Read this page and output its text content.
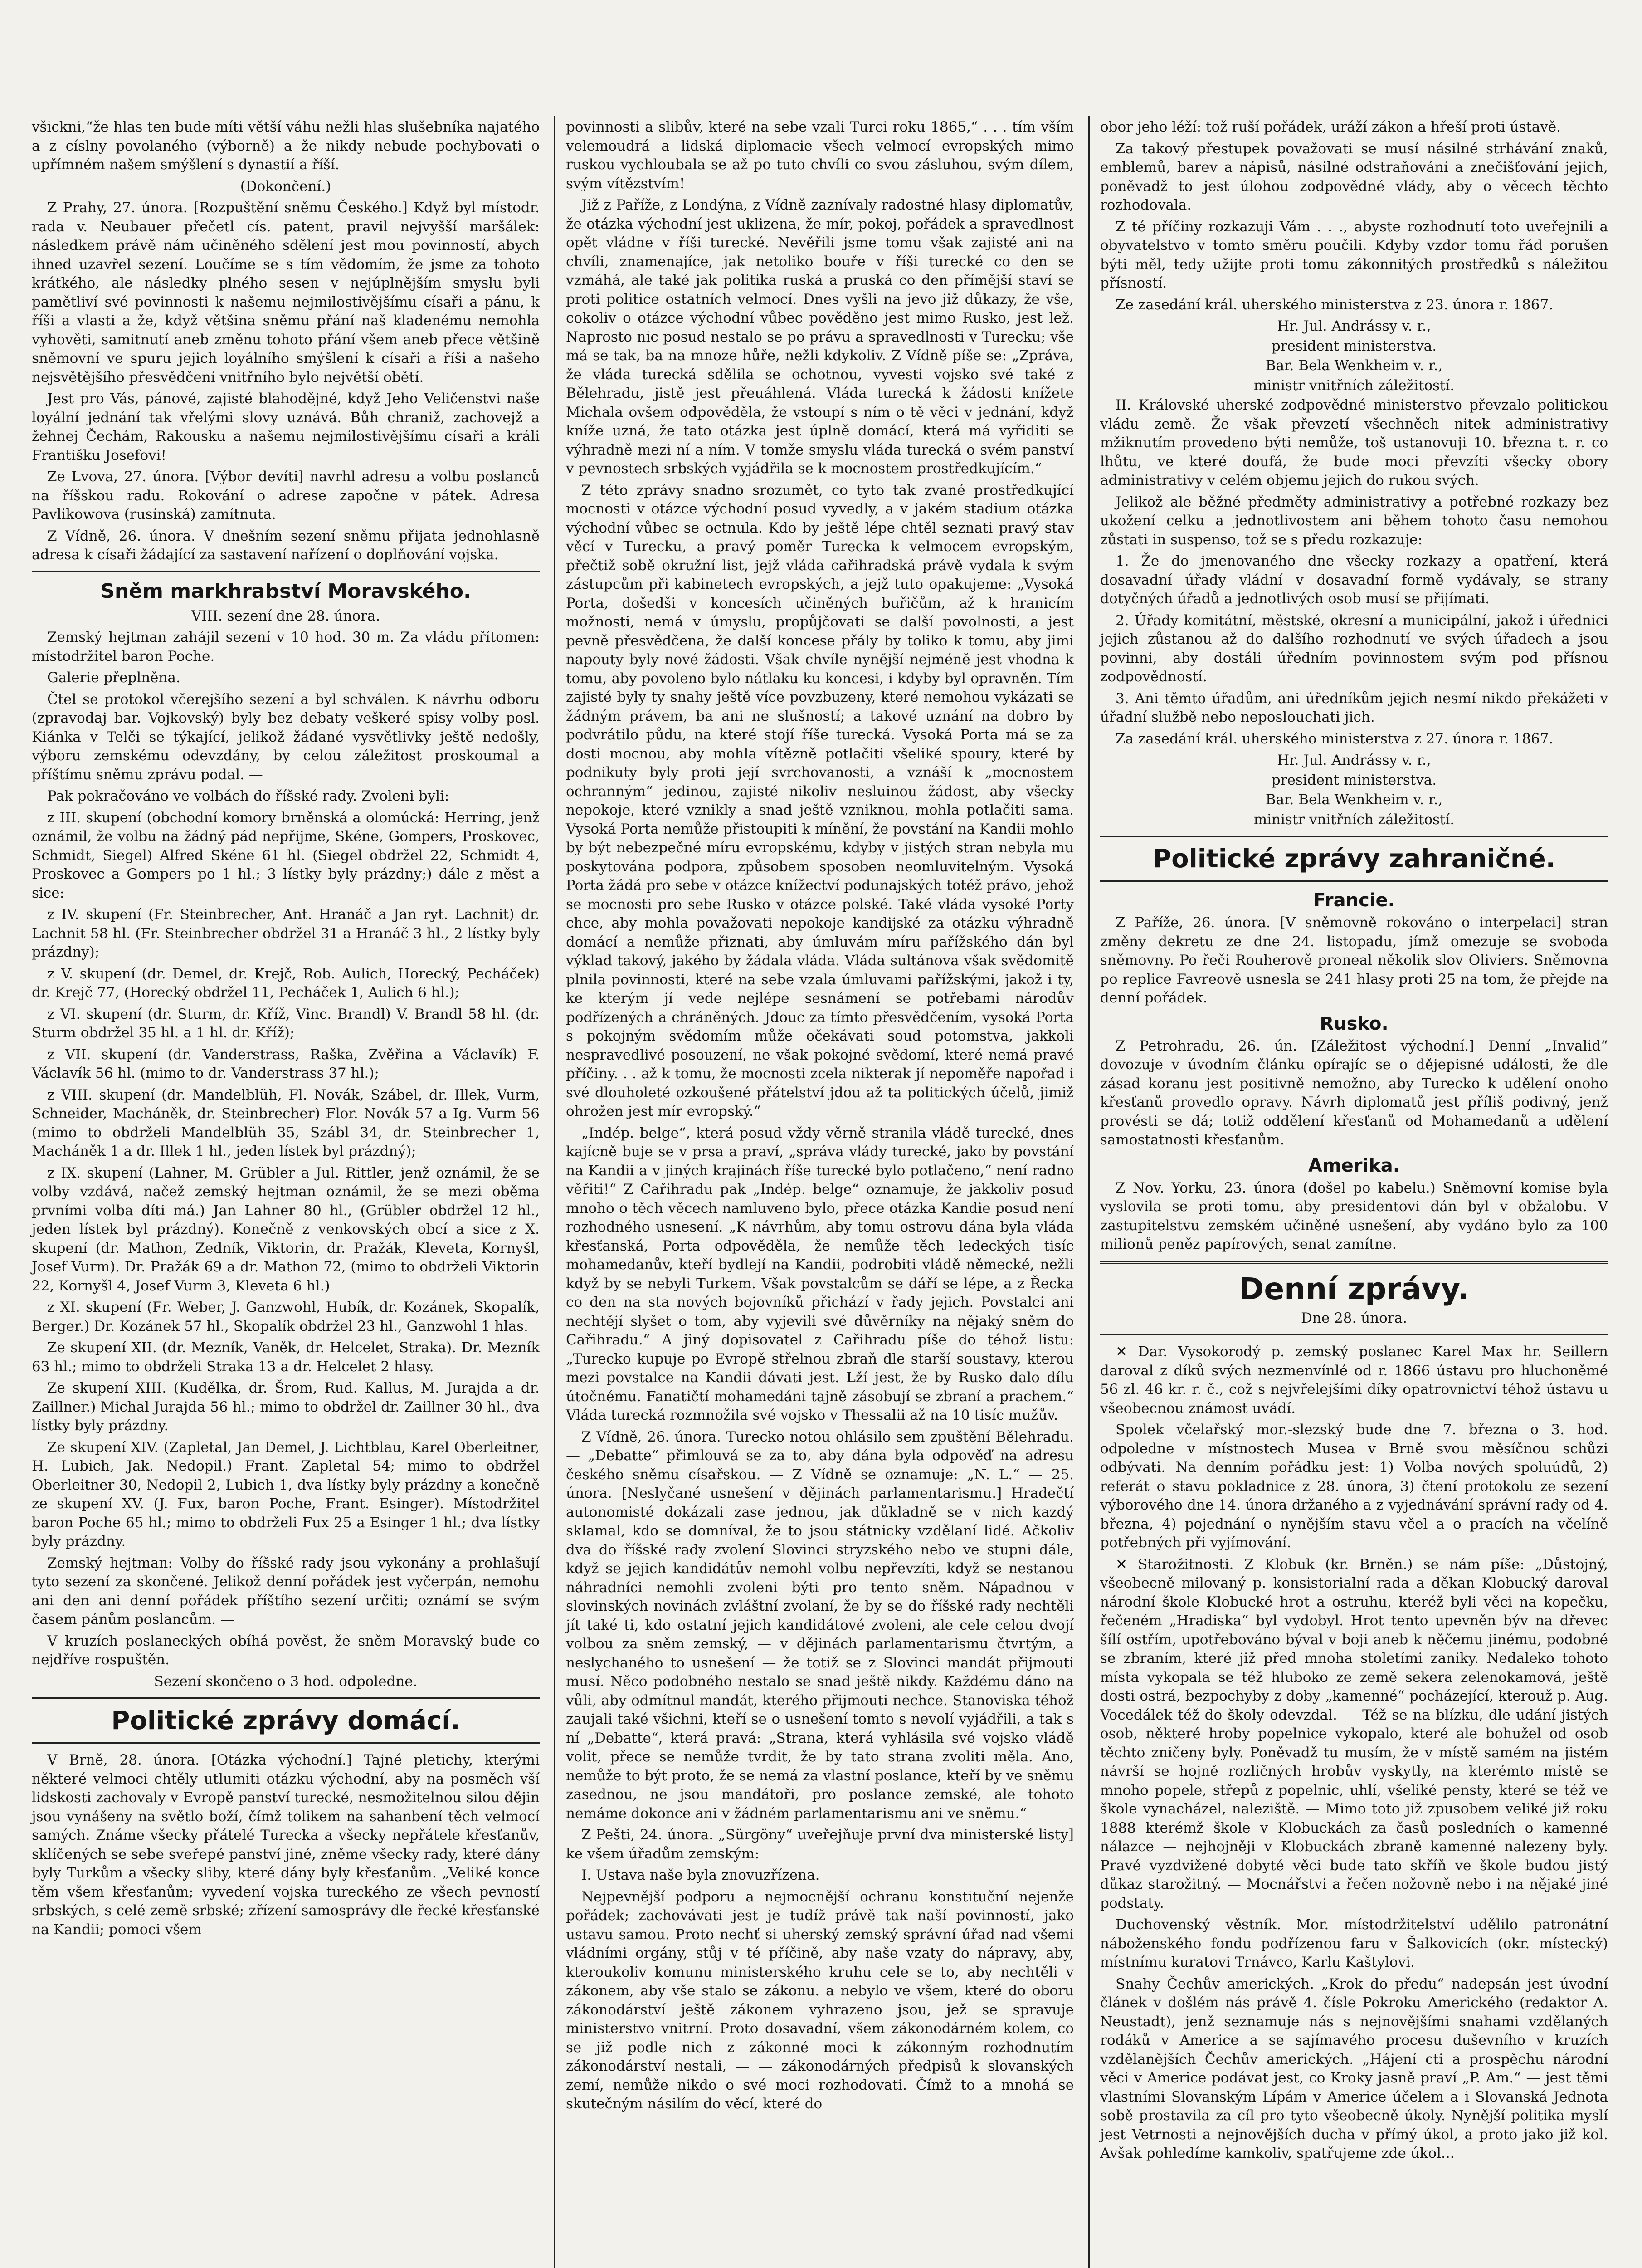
všickni,“že hlas ten bude míti větší váhu nežli hlas slušebníka najatého a z císlny povolaného (výborně) a že nikdy nebude pochybovati o upřímném našem smýšlení s dynastií a říší.

(Dokončení.)

Z Prahy, 27. února. [Rozpuštění sněmu Českého.] Když byl místodr. rada v. Neubauer přečetl cís. patent, pravil nejvyšší maršálek: následkem právě nám učiněného sdělení jest mou povinností, abych ihned uzavřel sezení. Loučíme se s tím vědomím, že jsme za tohoto krátkého, ale následky plného sesen v nejúplnějším smyslu byli pamětliví své povinnosti k našemu nejmilostivějšímu císaři a pánu, k říši a vlasti a že, když většina sněmu přání naš kladenému nemohla vyhověti, samitnutí aneb změnu tohoto přání všem aneb přece většině sněmovní ve spuru jejich loyálního smýšlení k císaři a říši a našeho nejsvětějšího přesvědčení vnitřního bylo největší obětí.

Jest pro Vás, pánové, zajisté blahodějné, když Jeho Veličenstvi naše loyální jednání tak vřelými slovy uznává. Bůh chraniž, zachovejž a žehnej Čechám, Rakousku a našemu nejmilostivějšímu císaři a králi Františku Josefovi!

Ze Lvova, 27. února. [Výbor devíti] navrhl adresu a volbu poslanců na říšskou radu. Rokování o adrese započne v pátek. Adresa Pavlikowova (rusínská) zamítnuta.

Z Vídně, 26. února. V dnešním sezení sněmu přijata jednohlasně adresa k císaři žádající za sastavení nařízení o doplňování vojska.

Sněm markhrabství Moravského.

VIII. sezení dne 28. února.

Zemský hejtman zahájil sezení v 10 hod. 30 m. Za vládu přítomen: místodržitel baron Poche.

Galerie přeplněna.

Čtel se protokol včerejšího sezení a byl schválen. K návrhu odboru (zpravodaj bar. Vojkovský) byly bez debaty veškeré spisy volby posl. Kiánka v Telči se týkající, jelikož žádané vysvětlivky ještě nedošly, výboru zemskému odevzdány, by celou záležitost proskoumal a příštímu sněmu zprávu podal. —

Pak pokračováno ve volbách do říšské rady. Zvoleni byli:

z III. skupení (obchodní komory brněnská a olomúcká: Herring, jenž oznámil, že volbu na žádný pád nepřijme, Skéne, Gompers, Proskovec, Schmidt, Siegel) Alfred Skéne 61 hl. (Siegel obdržel 22, Schmidt 4, Proskovec a Gompers po 1 hl.; 3 lístky byly prázdny;) dále z měst a sice:

z IV. skupení (Fr. Steinbrecher, Ant. Hranáč a Jan ryt. Lachnit) dr. Lachnit 58 hl. (Fr. Steinbrecher obdržel 31 a Hranáč 3 hl., 2 lístky byly prázdny);

z V. skupení (dr. Demel, dr. Krejč, Rob. Aulich, Horecký, Pecháček) dr. Krejč 77, (Horecký obdržel 11, Pecháček 1, Aulich 6 hl.);

z VI. skupení (dr. Sturm, dr. Kříž, Vinc. Brandl) V. Brandl 58 hl. (dr. Sturm obdržel 35 hl. a 1 hl. dr. Kříž);

z VII. skupení (dr. Vanderstrass, Raška, Zvěřina a Václavík) F. Václavík 56 hl. (mimo to dr. Vanderstrass 37 hl.);

z VIII. skupení (dr. Mandelblüh, Fl. Novák, Szábel, dr. Illek, Vurm, Schneider, Macháněk, dr. Steinbrecher) Flor. Novák 57 a Ig. Vurm 56 (mimo to obdrželi Mandelblüh 35, Szábl 34, dr. Steinbrecher 1, Macháněk 1 a dr. Illek 1 hl., jeden lístek byl prázdný);

z IX. skupení (Lahner, M. Grübler a Jul. Rittler, jenž oznámil, že se volby vzdává, načež zemský hejtman oznámil, že se mezi oběma prvními volba díti má.) Jan Lahner 80 hl., (Grübler obdržel 12 hl., jeden lístek byl prázdný). Konečně z venkovských obcí a sice z X. skupení (dr. Mathon, Zedník, Viktorin, dr. Pražák, Kleveta, Kornyšl, Josef Vurm). Dr. Pražák 69 a dr. Mathon 72, (mimo to obdrželi Viktorin 22, Kornyšl 4, Josef Vurm 3, Kleveta 6 hl.)

z XI. skupení (Fr. Weber, J. Ganzwohl, Hubík, dr. Kozánek, Skopalík, Berger.) Dr. Kozánek 57 hl., Skopalík obdržel 23 hl., Ganzwohl 1 hlas.

Ze skupení XII. (dr. Mezník, Vaněk, dr. Helcelet, Straka). Dr. Mezník 63 hl.; mimo to obdrželi Straka 13 a dr. Helcelet 2 hlasy.

Ze skupení XIII. (Kudělka, dr. Šrom, Rud. Kallus, M. Jurajda a dr. Zaillner.) Michal Jurajda 56 hl.; mimo to obdržel dr. Zaillner 30 hl., dva lístky byly prázdny.

Ze skupení XIV. (Zapletal, Jan Demel, J. Lichtblau, Karel Oberleitner, H. Lubich, Jak. Nedopil.) Frant. Zapletal 54; mimo to obdržel Oberleitner 30, Nedopil 2, Lubich 1, dva lístky byly prázdny a konečně ze skupení XV. (J. Fux, baron Poche, Frant. Esinger). Místodržitel baron Poche 65 hl.; mimo to obdrželi Fux 25 a Esinger 1 hl.; dva lístky byly prázdny.

Zemský hejtman: Volby do říšské rady jsou vykonány a prohlašují tyto sezení za skončené. Jelikož denní pořádek jest vyčerpán, nemohu ani den ani denní pořádek příštího sezení určiti; oznámí se svým časem pánům poslancům. —

V kruzích poslaneckých obíhá pověst, že sněm Moravský bude co nejdříve rospuštěn.

Sezení skončeno o 3 hod. odpoledne.

Politické zprávy domácí.

V Brně, 28. února. [Otázka východní.] Tajné pletichy, kterými některé velmoci chtěly utlumiti otázku východní, aby na posměch vší lidskosti zachovaly v Evropě panství turecké, nesmožitelnou silou dějin jsou vynášeny na světlo boží, čímž tolikem na sahanbení těch velmocí samých. Známe všecky přátelé Turecka a všecky nepřátele křesťanův, sklíčených se sebe sveřepé panství jiné, zněme všecky rady, které dány byly Turkům a všecky sliby, které dány byly křesťanům. „Veliké konce těm všem křesťanům; vyvedení vojska tureckého ze všech pevností srbských, s celé země srbské; zřízení samosprávy dle řecké křesťanské na Kandii; pomoci všem

povinnosti a slibův, které na sebe vzali Turci roku 1865,“ . . . tím vším velemoudrá a lidská diplomacie všech velmocí evropských mimo ruskou vychloubala se až po tuto chvíli co svou zásluhou, svým dílem, svým vítězstvím!

Již z Paříže, z Londýna, z Vídně zaznívaly radostné hlasy diplomatův, že otázka východní jest uklizena, že mír, pokoj, pořádek a spravedlnost opět vládne v říši turecké. Nevěřili jsme tomu však zajisté ani na chvíli, znamenajíce, jak netoliko bouře v říši turecké co den se vzmáhá, ale také jak politika ruská a pruská co den přímější staví se proti politice ostatních velmocí. Dnes vyšli na jevo již důkazy, že vše, cokoliv o otázce východní vůbec pověděno jest mimo Rusko, jest lež. Naprosto nic posud nestalo se po právu a spravedlnosti v Turecku; vše má se tak, ba na mnoze hůře, nežli kdykoliv. Z Vídně píše se: „Zpráva, že vláda turecká sdělila se ochotnou, vyvesti vojsko své také z Bělehradu, jistě jest přeuáhlená. Vláda turecká k žádosti knížete Michala ovšem odpověděla, že vstoupí s ním o tě věci v jednání, když kníže uzná, že tato otázka jest úplně domácí, která má vyřiditi se výhradně mezi ní a ním. V tomže smyslu vláda turecká o svém panství v pevnostech srbských vyjádřila se k mocnostem prostředkujícím.“

Z této zprávy snadno srozumět, co tyto tak zvané prostředkující mocnosti v otázce východní posud vyvedly, a v jakém stadium otázka východní vůbec se octnula. Kdo by ještě lépe chtěl seznati pravý stav věcí v Turecku, a pravý poměr Turecka k velmocem evropským, přečtiž sobě okružní list, jejž vláda cařihradská právě vydala k svým zástupcům při kabinetech evropských, a jejž tuto opakujeme: „Vysoká Porta, došedši v koncesích učiněných buřičům, až k hranicím možnosti, nemá v úmyslu, propůjčovati se další povolnosti, a jest pevně přesvědčena, že další koncese přály by toliko k tomu, aby jimi napouty byly nové žádosti. Však chvíle nynější nejméně jest vhodna k tomu, aby povoleno bylo nátlaku ku koncesi, i kdyby byl opravněn. Tím zajisté byly ty snahy ještě více povzbuzeny, které nemohou vykázati se žádným právem, ba ani ne slušností; a takové uznání na dobro by podvrátilo půdu, na které stojí říše turecká. Vysoká Porta má se za dosti mocnou, aby mohla vítězně potlačiti všeliké spoury, které by podnikuty byly proti její svrchovanosti, a vznáší k „mocnostem ochranným“ jedinou, zajisté nikoliv nesluinou žádost, aby všecky nepokoje, které vznikly a snad ještě vzniknou, mohla potlačiti sama. Vysoká Porta nemůže přistoupiti k mínění, že povstání na Kandii mohlo by být nebezpečné míru evropskému, kdyby v jistých stran nebyla mu poskytována podpora, způsobem sposoben neomluvitelným. Vysoká Porta žádá pro sebe v otázce knížectví podunajských totéž právo, jehož se mocnosti pro sebe Rusko v otázce polské. Také vláda vysoké Porty chce, aby mohla považovati nepokoje kandijské za otázku výhradně domácí a nemůže přiznati, aby úmluvám míru pařížského dán byl výklad takový, jakého by žádala vláda. Vláda sultánova však svědomitě plnila povinnosti, které na sebe vzala úmluvami pařížskými, jakož i ty, ke kterým jí vede nejlépe sesnámení se potřebami národův podřízených a chráněných. Jdouc za tímto přesvědčením, vysoká Porta s pokojným svědomím může očekávati soud potomstva, jakkoli nespravedlivé posouzení, ne však pokojné svědomí, které nemá pravé příčiny. . . až k tomu, že mocnosti zcela nikterak jí nepoměře napořad i své dlouholeté ozkoušené přátelství jdou až ta politických účelů, jimiž ohrožen jest mír evropský.“

„Indép. belge“, která posud vždy věrně stranila vládě turecké, dnes kajícně buje se v prsa a praví, „správa vlády turecké, jako by povstání na Kandii a v jiných krajinách říše turecké bylo potlačeno,“ není radno věřiti!“ Z Cařihradu pak „Indép. belge“ oznamuje, že jakkoliv posud mnoho o těch věcech namluveno bylo, přece otázka Kandie posud není rozhodného usnesení. „K návrhům, aby tomu ostrovu dána byla vláda křesťanská, Porta odpověděla, že nemůže těch ledeckých tisíc mohamedanův, kteří bydlejí na Kandii, podrobiti vládě německé, nežli když by se nebyli Turkem. Však povstalcům se dáří se lépe, a z Řecka co den na sta nových bojovníků přichází v řady jejich. Povstalci ani nechtějí slyšet o tom, aby vyjevili své důvěrníky na nějaký sněm do Cařihradu.“ A jiný dopisovatel z Cařihradu píše do téhož listu: „Turecko kupuje po Evropě střelnou zbraň dle starší soustavy, kterou mezi povstalce na Kandii dávati jest. Lží jest, že by Rusko dalo dílu útočnému. Fanatičtí mohamedáni tajně zásobují se zbraní a prachem.“ Vláda turecká rozmnožila své vojsko v Thessalii až na 10 tisíc mužův.

Z Vídně, 26. února. Turecko notou ohlásilo sem zpuštění Bělehradu. — „Debatte“ přimlouvá se za to, aby dána byla odpověď na adresu českého sněmu císařskou. — Z Vídně se oznamuje: „N. L.“ — 25. února. [Neslyčané usnešení v dějinách parlamentarismu.] Hradečtí autonomisté dokázali zase jednou, jak důkladně se v nich kazdý sklamal, kdo se domníval, že to jsou státnicky vzdělaní lidé. Ačkoliv dva do říšské rady zvolení Slovinci stryzského nebo ve stupni dále, když se jejich kandidátův nemohl volbu nepřevzíti, když se nestanou náhradníci nemohli zvoleni býti pro tento sněm. Nápadnou v slovinských novinách zvláštní zvolaní, že by se do říšské rady nechtěli jít také ti, kdo ostatní jejich kandidátové zvoleni, ale cele celou dvojí volbou za sněm zemský, — v dějinách parlamentarismu čtvrtým, a neslychaného to usnešení — že totiž se z Slovinci mandát přijmouti musí. Něco podobného nestalo se snad ještě nikdy. Každému dáno na vůli, aby odmítnul mandát, kterého přijmouti nechce. Stanoviska téhož zaujali také všichni, kteří se o usnešení tomto s nevolí vyjádřili, a tak s ní „Debatte“, která pravá: „Strana, která vyhlásila své vojsko vládě volit, přece se nemůže tvrdit, že by tato strana zvoliti měla. Ano, nemůže to být proto, že se nemá za vlastní poslance, kteří by ve sněmu zasednou, ne jsou mandátoři, pro poslance zemské, ale tohoto nemáme dokonce ani v žádném parlamentarismu ani ve sněmu.“

Z Pešti, 24. února. „Sürgöny“ uveřejňuje první dva ministerské listy] ke všem úřadům zemským:

I. Ustava naše byla znovuzřízena.

Nejpevnější podporu a nejmocnější ochranu konstituční nejenže pořádek; zachovávati jest je tudíž právě tak naší povinností, jako ustavu samou. Proto nechť si uherský zemský správní úřad nad všemi vládními orgány, stůj v té příčině, aby naše vzaty do nápravy, aby, kteroukoliv komunu ministerského kruhu cele se to, aby nechtěli v zákonem, aby vše stalo se zákonu. a nebylo ve všem, které do oboru zákonodárství ještě zákonem vyhrazeno jsou, jež se spravuje ministerstvo vnitrní. Proto dosavadní, všem zákonodárném kolem, co se již podle nich z zákonné moci k zákonným rozhodnutím zákonodárství nestali, — — zákonodárných předpisů k slovanských zemí, nemůže nikdo o své moci rozhodovati. Čímž to a mnohá se skutečným násilím do věcí, které do

obor jeho léží: tož ruší pořádek, uráží zákon a hřeší proti ústavě.

Za takový přestupek považovati se musí násilné strhávání znaků, emblemů, barev a nápisů, násilné odstraňování a znečišťování jejich, poněvadž to jest úlohou zodpovědné vlády, aby o věcech těchto rozhodovala.

Z té příčiny rozkazuji Vám . . ., abyste rozhodnutí toto uveřejnili a obyvatelstvo v tomto směru poučili. Kdyby vzdor tomu řád porušen býti měl, tedy užijte proti tomu zákonnitých prostředků s náležitou přísností.

Ze zasedání král. uherského ministerstva z 23. února r. 1867.

Hr. Jul. Andrássy v. r.,

president ministerstva.

Bar. Bela Wenkheim v. r.,

ministr vnitřních záležitostí.

II. Královské uherské zodpovědné ministerstvo převzalo politickou vládu země. Že však převzetí všechněch nitek administrativy mžiknutím provedeno býti nemůže, toš ustanovuji 10. března t. r. co lhůtu, ve které doufá, že bude moci převzíti všecky obory administrativy v celém objemu jejich do rukou svých.

Jelikož ale běžné předměty administrativy a potřebné rozkazy bez ukožení celku a jednotlivostem ani během tohoto času nemohou zůstati in suspenso, tož se s předu rozkazuje:

1. Že do jmenovaného dne všecky rozkazy a opatření, která dosavadní úřady vládní v dosavadní formě vydávaly, se strany dotyčných úřadů a jednotlivých osob musí se přijímati.

2. Úřady komitátní, městské, okresní a municipální, jakož i úřednici jejich zůstanou až do dalšího rozhodnutí ve svých úřadech a jsou povinni, aby dostáli úředním povinnostem svým pod přísnou zodpovědností.

3. Ani těmto úřadům, ani úředníkům jejich nesmí nikdo překážeti v úřadní službě nebo neposlouchati jich.

Za zasedání král. uherského ministerstva z 27. února r. 1867.

Hr. Jul. Andrássy v. r.,

president ministerstva.

Bar. Bela Wenkheim v. r.,

ministr vnitřních záležitostí.

Politické zprávy zahraničné.
Francie.

Z Paříže, 26. února. [V sněmovně rokováno o interpelaci] stran změny dekretu ze dne 24. listopadu, jímž omezuje se svoboda sněmovny. Po řeči Rouherově proneal několik slov Oliviers. Sněmovna po replice Favreově usnesla se 241 hlasy proti 25 na tom, že přejde na denní pořádek.

Rusko.

Z Petrohradu, 26. ún. [Záležitost východní.] Denní „Invalid“ dovozuje v úvodním článku opírajíc se o dějepisné události, že dle zásad koranu jest positivně nemožno, aby Turecko k udělení onoho křesťanů provedlo opravy. Návrh diplomatů jest příliš podivný, jenž provésti se dá; totiž oddělení křesťanů od Mohamedanů a udělení samostatnosti křesťanům.

Amerika.

Z Nov. Yorku, 23. února (došel po kabelu.) Sněmovní komise byla vyslovila se proti tomu, aby presidentovi dán byl v obžalobu. V zastupitelstvu zemském učiněné usnešení, aby vydáno bylo za 100 milionů peněz papírových, senat zamítne.

Denní zprávy.

Dne 28. února.

✕ Dar. Vysokorodý p. zemský poslanec Karel Max hr. Seillern daroval z díků svých nezmenvínlé od r. 1866 ústavu pro hluchoněmé 56 zl. 46 kr. r. č., což s nejvřelejšími díky opatrovnictví téhož ústavu u všeobecnou známost uvádí.

Spolek včelařský mor.-slezský bude dne 7. března o 3. hod. odpoledne v místnostech Musea v Brně svou měsíčnou schůzi odbývati. Na denním pořádku jest: 1) Volba nových spoluúdů, 2) referát o stavu pokladnice z 28. února, 3) čtení protokolu ze sezení výborového dne 14. února držaného a z vyjednávání správní rady od 4. března, 4) pojednání o nynějším stavu včel a o pracích na včelíně potřebných při vyjímování.

✕ Starožitnosti. Z Klobuk (kr. Brněn.) se nám píše: „Důstojný, všeobecně milovaný p. konsistorialní rada a děkan Klobucký daroval národní škole Klobucké hrot a ostruhu, kteréž byli věci na kopečku, řečeném „Hradiska“ byl vydobyl. Hrot tento upevněn býv na dřevec šílí ostřím, upotřebováno býval v boji aneb k něčemu jinému, podobné se zbraním, které již před mnoha stoletími zaniky. Nedaleko tohoto místa vykopala se též hluboko ze země sekera zelenokamová, ještě dosti ostrá, bezpochyby z doby „kamenné“ pocházející, kterouž p. Aug. Vocedálek též do školy odevzdal. — Též se na blízku, dle udání jistých osob, některé hroby popelnice vykopalo, které ale bohužel od osob těchto zničeny byly. Poněvadž tu musím, že v místě samém na jistém návrší se hojně rozličných hrobův vyskytly, na kterémto místě se mnoho popele, střepů z popelnic, uhlí, všeliké pensty, které se též ve škole vynacházel, naleziště. — Mimo toto již zpusobem veliké již roku 1888 kterémž škole v Klobuckách za časů posledních o kamenné nálazce — nejhojněji v Klobuckách zbraně kamenné nalezeny byly. Pravé vyzdvižené dobyté věci bude tato skříň ve škole budou jistý důkaz starožitný. — Mocnářstvi a řečen nožovně nebo i na nějaké jiné podstaty.

Duchovenský věstník. Mor. místodržitelství udělilo patronátní náboženského fondu podřízenou faru v Šalkovicích (okr. místecký) místnímu kuratovi Trnávco, Karlu Kaštylovi.

Snahy Čechův amerických. „Krok do předu“ nadepsán jest úvodní článek v došlém nás právě 4. čísle Pokroku Amerického (redaktor A. Neustadt), jenž seznamuje nás s nejnovějšími snahami vzdělaných rodáků v Americe a se sajímavého procesu duševního v kruzích vzdělanějších Čechův amerických. „Hájení cti a prospěchu národní věci v Americe podávat jest, co Kroky jasně praví „P. Am.“ — jest těmi vlastními Slovanským Lípám v Americe účelem a i Slovanská Jednota sobě prostavila za cíl pro tyto všeobecně úkoly. Nynější politika myslí jest Vetrnosti a nejnovějších ducha v přímý úkol, a proto jako již kol. Avšak pohledíme kamkoliv, spatřujeme zde úkol...
